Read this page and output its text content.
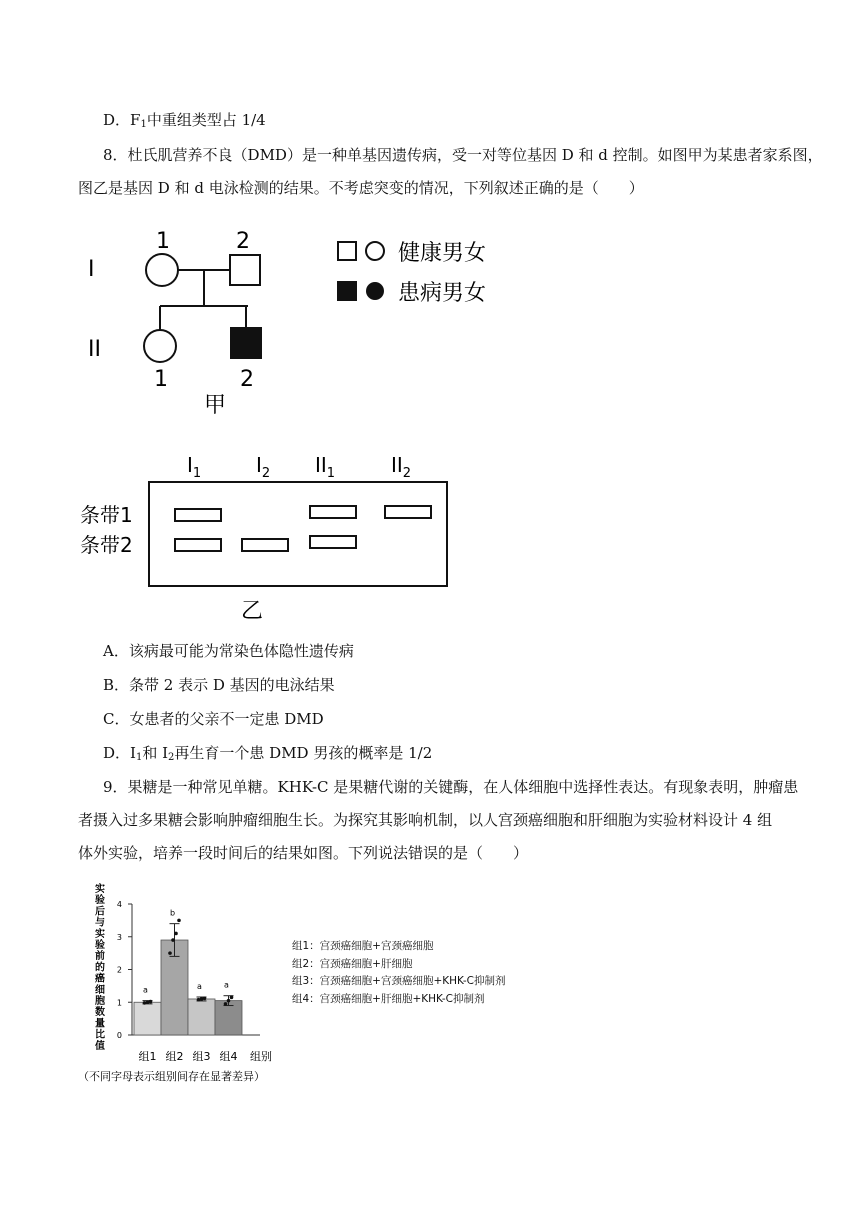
D．$F_1$中重组类型占 1/4
8．杜氏肌营养不良（DMD）是一种单基因遗传病，受一对等位基因 D 和 d 控制。如图甲为某患者家系图，
图乙是基因 D 和 d 电泳检测的结果。不考虑突变的情况，下列叙述正确的是（　　）
I
II
1	2
1	2
甲
健康男女
患病男女
$I_1$	$I_2$ $II_1$	$II_2$
条带1
条带2
乙
A．该病最可能为常染色体隐性遗传病
B．条带 2 表示 D 基因的电泳结果
C．女患者的父亲不一定患 DMD
D．$I_1$和 $I_2$再生育一个患 DMD 男孩的概率是 1/2
9．果糖是一种常见单糖。KHK-C 是果糖代谢的关键酶，在人体细胞中选择性表达。有现象表明，肿瘤患
者摄入过多果糖会影响肿瘤细胞生长。为探究其影响机制，以人宫颈癌细胞和肝细胞为实验材料设计 4 组
体外实验，培养一段时间后的结果如图。下列说法错误的是（　　）
实验后与实验前的癌细胞数量比值
组别
（不同字母表示组别间存在显著差异）
0
1
2
3
4
a
组1
b
组2
a
组3
a
组4
组1：宫颈癌细胞+宫颈癌细胞
组2：宫颈癌细胞+肝细胞
组3：宫颈癌细胞+宫颈癌细胞+KHK-C抑制剂
组4：宫颈癌细胞+肝细胞+KHK-C抑制剂
